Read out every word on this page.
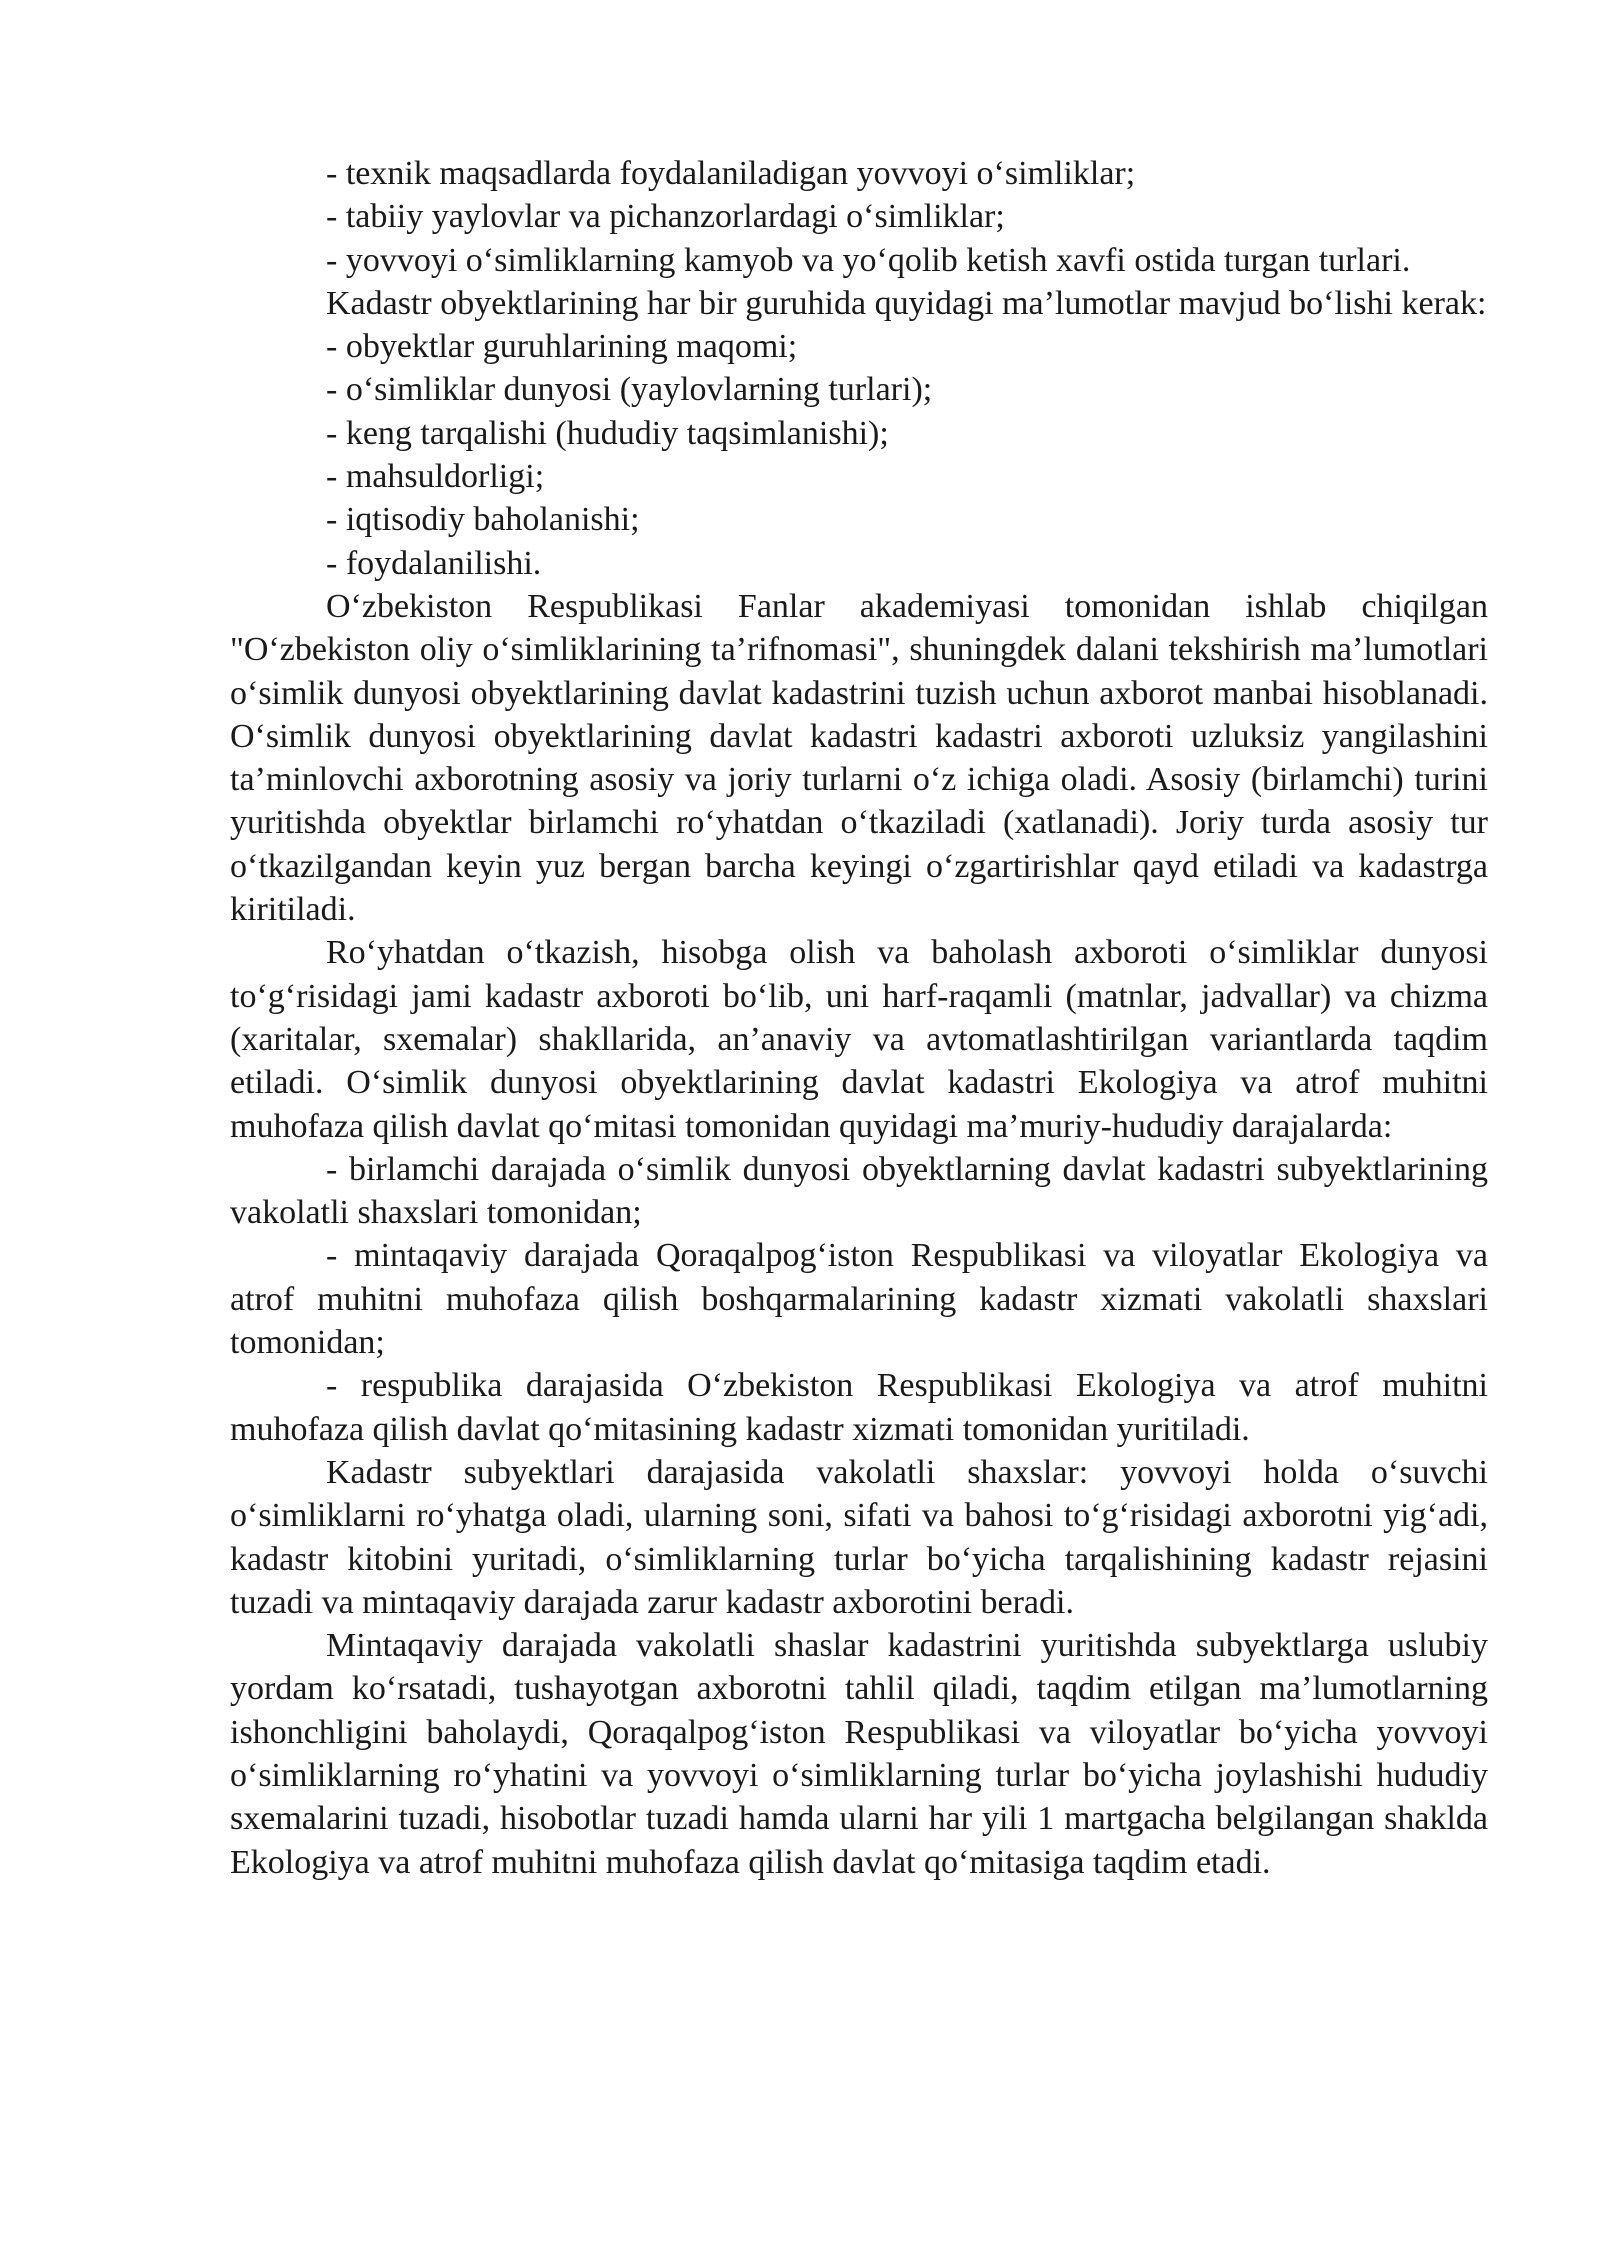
- texnik maqsadlarda foydalaniladigan yovvoyi o‘simliklar;

- tabiiy yaylovlar va pichanzorlardagi o‘simliklar;

- yovvoyi o‘simliklarning kamyob va yo‘qolib ketish xavfi ostida turgan turlari.

Kadastr obyektlarining har bir guruhida quyidagi ma’lumotlar mavjud bo‘lishi kerak:

- obyektlar guruhlarining maqomi;

- o‘simliklar dunyosi (yaylovlarning turlari);

- keng tarqalishi (hududiy taqsimlanishi);

- mahsuldorligi;

- iqtisodiy baholanishi;

- foydalanilishi.

O‘zbekiston Respublikasi Fanlar akademiyasi tomonidan ishlab chiqilgan "O‘zbekiston oliy o‘simliklarining ta’rifnomasi", shuningdek dalani tekshirish ma’lumotlari o‘simlik dunyosi obyektlarining davlat kadastrini tuzish uchun axborot manbai hisoblanadi. O‘simlik dunyosi obyektlarining davlat kadastri kadastri axboroti uzluksiz yangilashini ta’minlovchi axborotning asosiy va joriy turlarni o‘z ichiga oladi. Asosiy (birlamchi) turini yuritishda obyektlar birlamchi ro‘yhatdan o‘tkaziladi (xatlanadi). Joriy turda asosiy tur o‘tkazilgandan keyin yuz bergan barcha keyingi o‘zgartirishlar qayd etiladi va kadastrga kiritiladi.

Ro‘yhatdan o‘tkazish, hisobga olish va baholash axboroti o‘simliklar dunyosi to‘g‘risidagi jami kadastr axboroti bo‘lib, uni harf-raqamli (matnlar, jadvallar) va chizma (xaritalar, sxemalar) shakllarida, an’anaviy va avtomatlashtirilgan variantlarda taqdim etiladi. O‘simlik dunyosi obyektlarining davlat kadastri Ekologiya va atrof muhitni muhofaza qilish davlat qo‘mitasi tomonidan quyidagi ma’muriy-hududiy darajalarda:

- birlamchi darajada o‘simlik dunyosi obyektlarning davlat kadastri subyektlarining vakolatli shaxslari tomonidan;

- mintaqaviy darajada Qoraqalpog‘iston Respublikasi va viloyatlar Ekologiya va atrof muhitni muhofaza qilish boshqarmalarining kadastr xizmati vakolatli shaxslari tomonidan;

- respublika darajasida O‘zbekiston Respublikasi Ekologiya va atrof muhitni muhofaza qilish davlat qo‘mitasining kadastr xizmati tomonidan yuritiladi.

Kadastr subyektlari darajasida vakolatli shaxslar: yovvoyi holda o‘suvchi o‘simliklarni ro‘yhatga oladi, ularning soni, sifati va bahosi to‘g‘risidagi axborotni yig‘adi, kadastr kitobini yuritadi, o‘simliklarning turlar bo‘yicha tarqalishining kadastr rejasini tuzadi va mintaqaviy darajada zarur kadastr axborotini beradi.

Mintaqaviy darajada vakolatli shaslar kadastrini yuritishda subyektlarga uslubiy yordam ko‘rsatadi, tushayotgan axborotni tahlil qiladi, taqdim etilgan ma’lumotlarning ishonchligini baholaydi, Qoraqalpog‘iston Respublikasi va viloyatlar bo‘yicha yovvoyi o‘simliklarning ro‘yhatini va yovvoyi o‘simliklarning turlar bo‘yicha joylashishi hududiy sxemalarini tuzadi, hisobotlar tuzadi hamda ularni har yili 1 martgacha belgilangan shakldа Ekologiya va atrof muhitni muhofaza qilish davlat qo‘mitasiga taqdim etadi.
